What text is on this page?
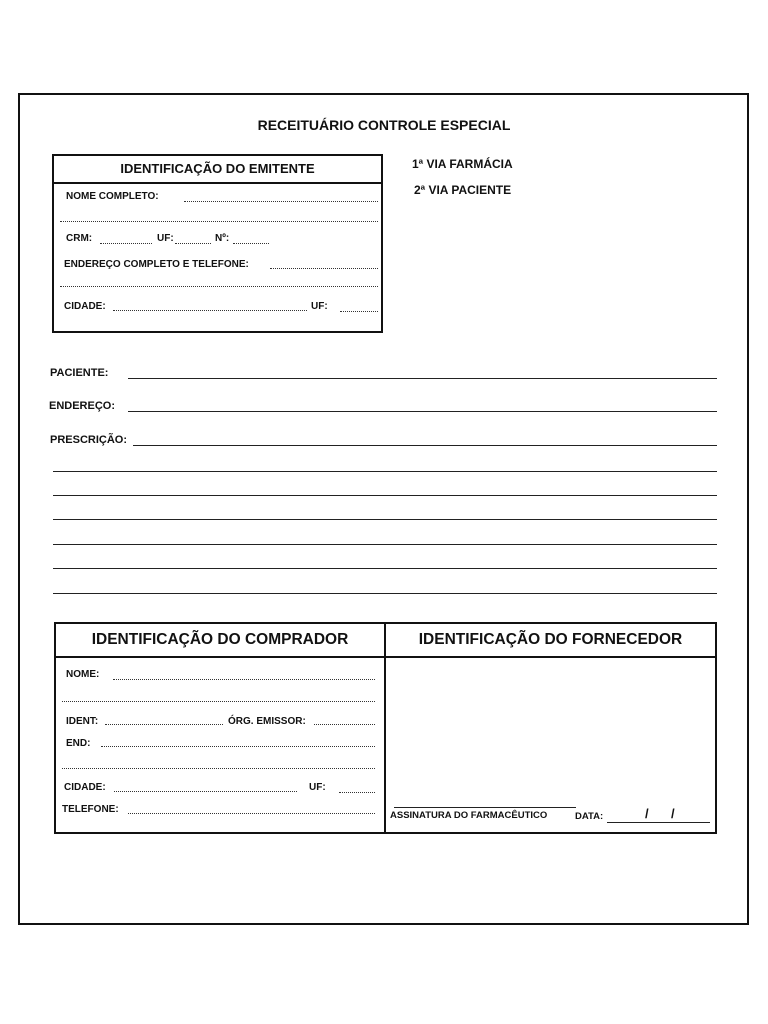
RECEITUÁRIO CONTROLE ESPECIAL
IDENTIFICAÇÃO DO EMITENTE
NOME COMPLETO:
CRM:	UF:	Nº:
ENDEREÇO COMPLETO E TELEFONE:
CIDADE:	UF:
1ª VIA FARMÁCIA
2ª VIA PACIENTE
PACIENTE:
ENDEREÇO:
PRESCRIÇÃO:
IDENTIFICAÇÃO DO COMPRADOR	IDENTIFICAÇÃO DO FORNECEDOR
NOME:
IDENT:	ÓRG. EMISSOR:
END:
CIDADE:	UF:
TELEFONE:
ASSINATURA DO FARMACÊUTICO	DATA:	/ /
